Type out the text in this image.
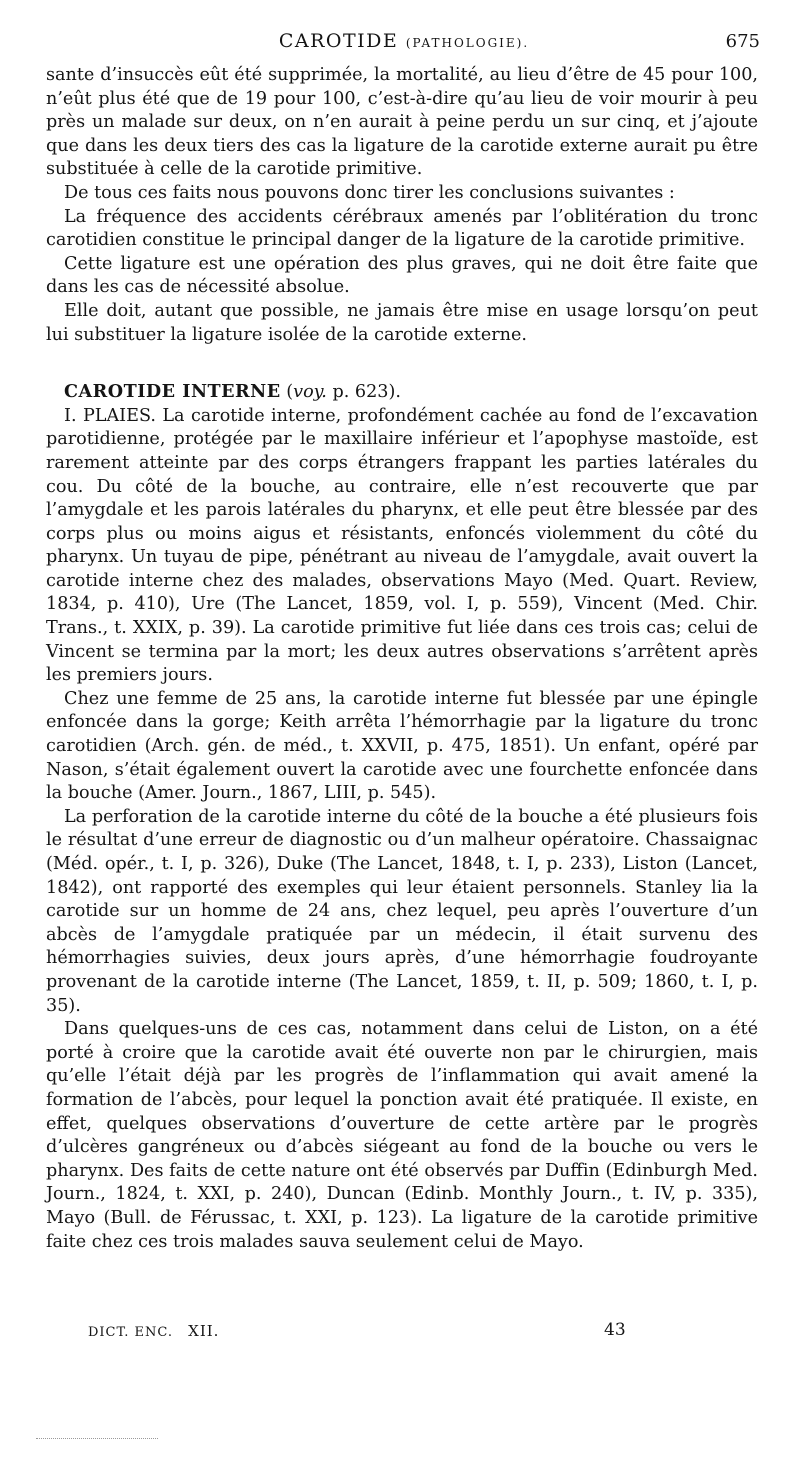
CAROTIDE (PATHOLOGIE).	675

sante d’insuccès eût été supprimée, la mortalité, au lieu d’être de 45 pour 100, n’eût plus été que de 19 pour 100, c’est-à-dire qu’au lieu de voir mourir à peu près un malade sur deux, on n’en aurait à peine perdu un sur cinq, et j’ajoute que dans les deux tiers des cas la ligature de la carotide externe aurait pu être substituée à celle de la carotide primitive.

De tous ces faits nous pouvons donc tirer les conclusions suivantes :

La fréquence des accidents cérébraux amenés par l’oblitération du tronc carotidien constitue le principal danger de la ligature de la carotide primitive.

Cette ligature est une opération des plus graves, qui ne doit être faite que dans les cas de nécessité absolue.

Elle doit, autant que possible, ne jamais être mise en usage lorsqu’on peut lui substituer la ligature isolée de la carotide externe.

CAROTIDE INTERNE (voy. p. 623).

I. PLAIES. La carotide interne, profondément cachée au fond de l’excavation parotidienne, protégée par le maxillaire inférieur et l’apophyse mastoïde, est rarement atteinte par des corps étrangers frappant les parties latérales du cou. Du côté de la bouche, au contraire, elle n’est recouverte que par l’amygdale et les parois latérales du pharynx, et elle peut être blessée par des corps plus ou moins aigus et résistants, enfoncés violemment du côté du pharynx. Un tuyau de pipe, pénétrant au niveau de l’amygdale, avait ouvert la carotide interne chez des malades, observations Mayo (Med. Quart. Review, 1834, p. 410), Ure (The Lancet, 1859, vol. I, p. 559), Vincent (Med. Chir. Trans., t. XXIX, p. 39). La carotide primitive fut liée dans ces trois cas; celui de Vincent se termina par la mort; les deux autres observations s’arrêtent après les premiers jours.

Chez une femme de 25 ans, la carotide interne fut blessée par une épingle enfoncée dans la gorge; Keith arrêta l’hémorrhagie par la ligature du tronc carotidien (Arch. gén. de méd., t. XXVII, p. 475, 1851). Un enfant, opéré par Nason, s’était également ouvert la carotide avec une fourchette enfoncée dans la bouche (Amer. Journ., 1867, LIII, p. 545).

La perforation de la carotide interne du côté de la bouche a été plusieurs fois le résultat d’une erreur de diagnostic ou d’un malheur opératoire. Chassaignac (Méd. opér., t. I, p. 326), Duke (The Lancet, 1848, t. I, p. 233), Liston (Lancet, 1842), ont rapporté des exemples qui leur étaient personnels. Stanley lia la carotide sur un homme de 24 ans, chez lequel, peu après l’ouverture d’un abcès de l’amygdale pratiquée par un médecin, il était survenu des hémorrhagies suivies, deux jours après, d’une hémorrhagie foudroyante provenant de la carotide interne (The Lancet, 1859, t. II, p. 509; 1860, t. I, p. 35).

Dans quelques-uns de ces cas, notamment dans celui de Liston, on a été porté à croire que la carotide avait été ouverte non par le chirurgien, mais qu’elle l’était déjà par les progrès de l’inflammation qui avait amené la formation de l’abcès, pour lequel la ponction avait été pratiquée. Il existe, en effet, quelques observations d’ouverture de cette artère par le progrès d’ulcères gangréneux ou d’abcès siégeant au fond de la bouche ou vers le pharynx. Des faits de cette nature ont été observés par Duffin (Edinburgh Med. Journ., 1824, t. XXI, p. 240), Duncan (Edinb. Monthly Journ., t. IV, p. 335), Mayo (Bull. de Férussac, t. XXI, p. 123). La ligature de la carotide primitive faite chez ces trois malades sauva seulement celui de Mayo.

DICT. ENC. XII.	43
